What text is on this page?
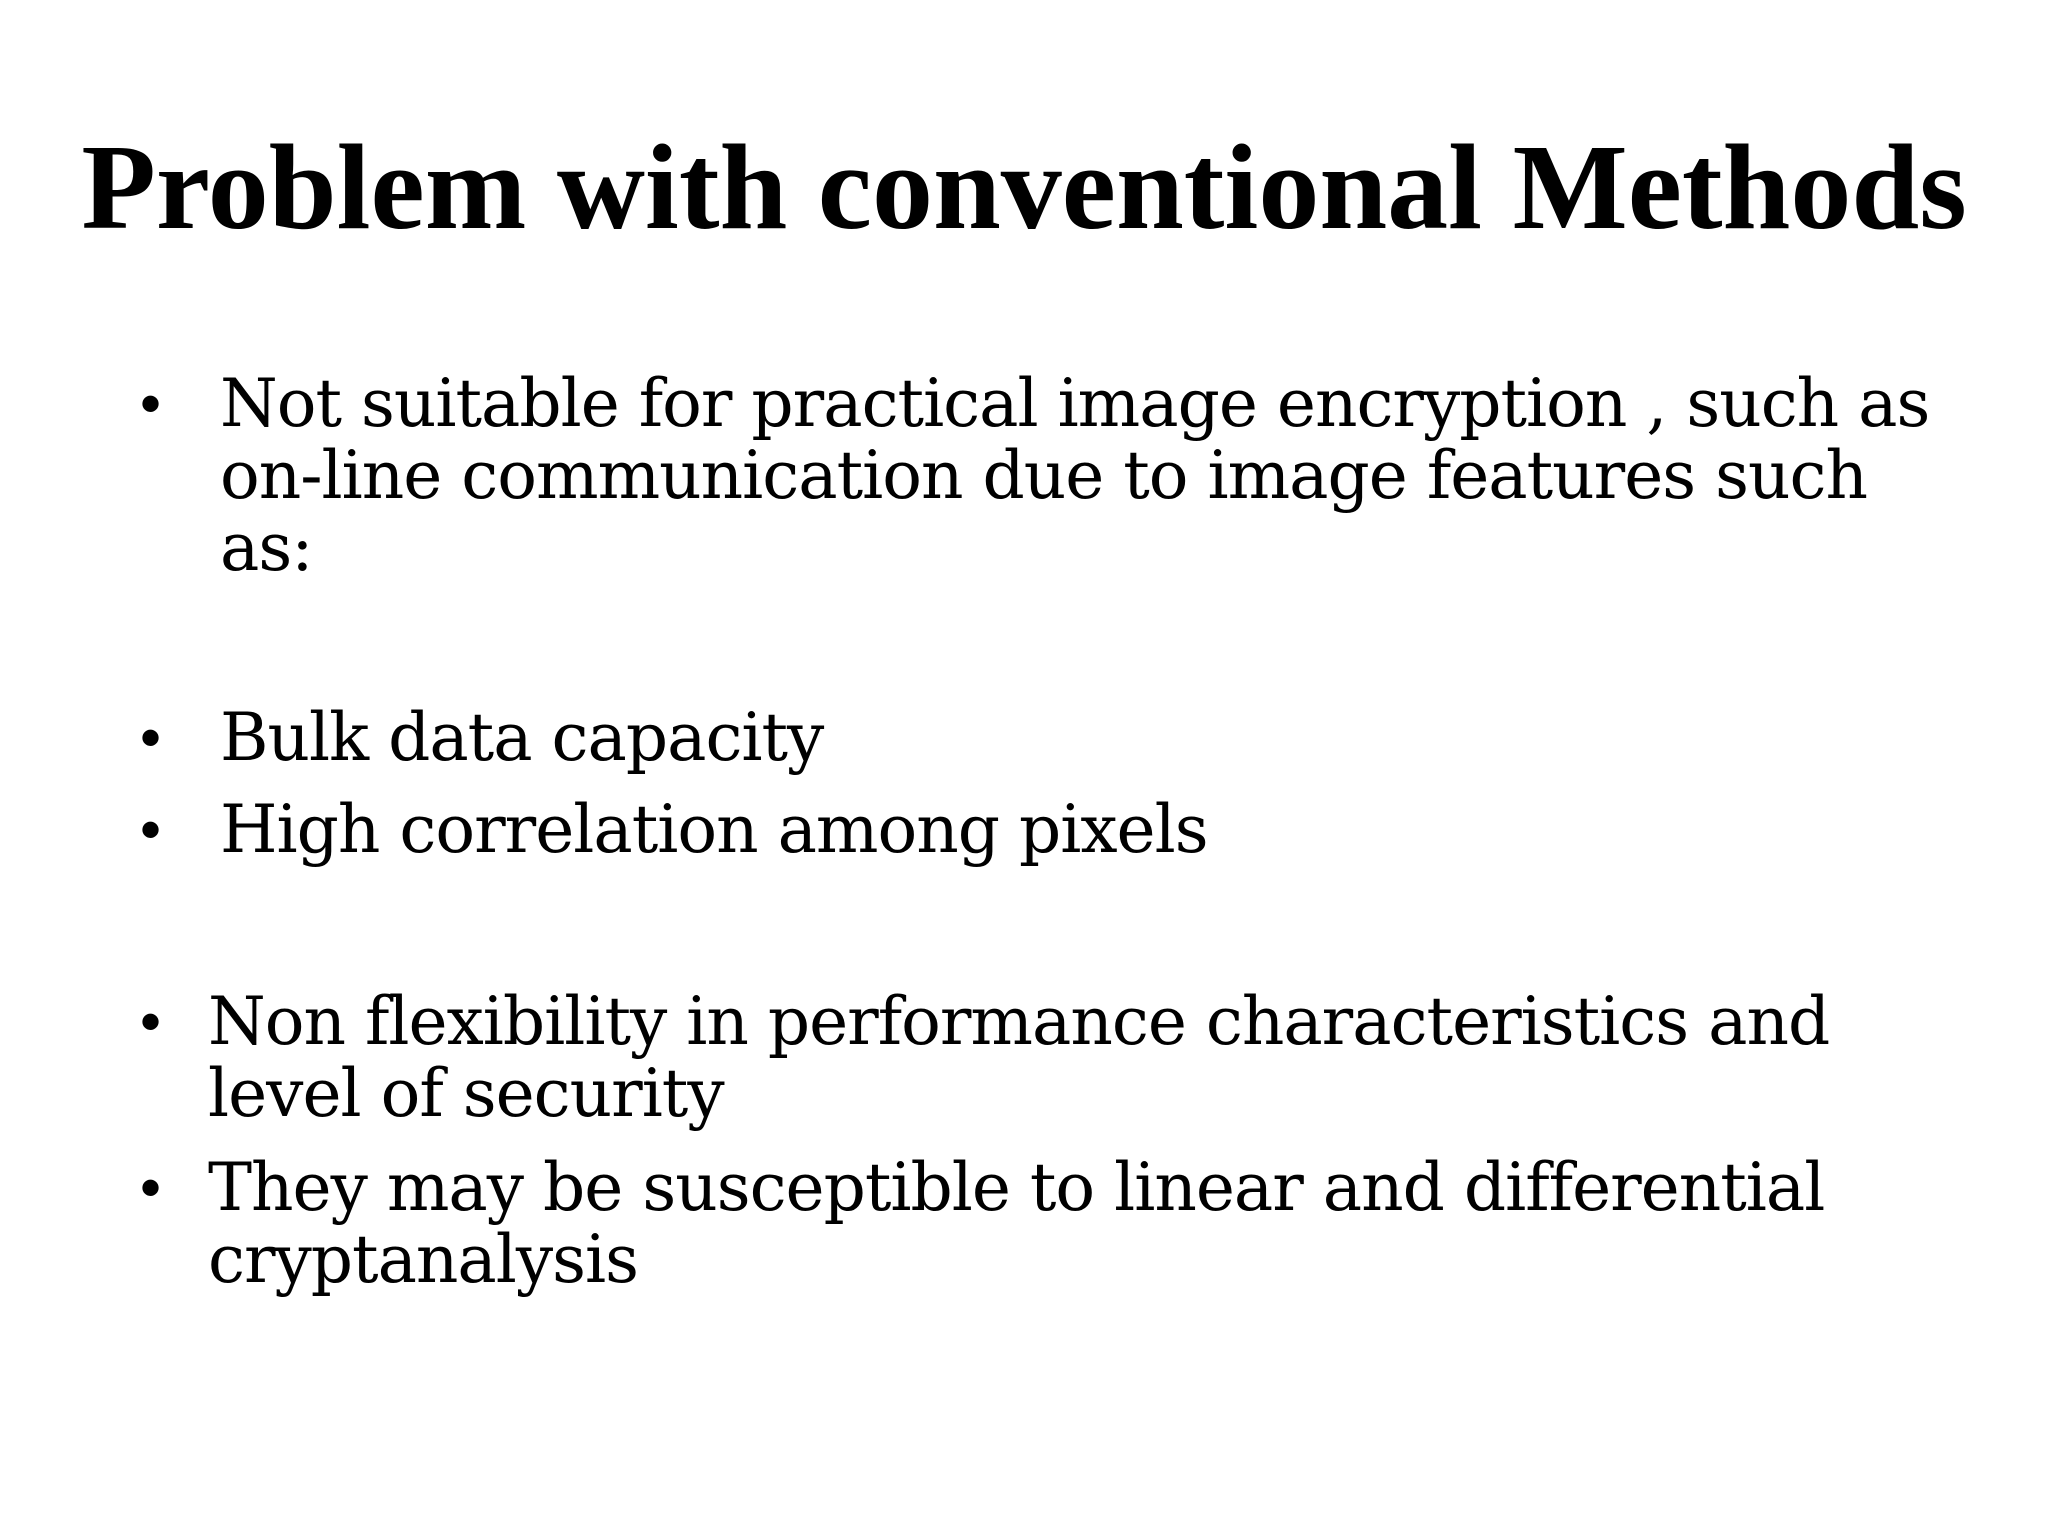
Problem with conventional Methods
• Not suitable for practical image encryption , such as
on-line communication due to image features such
as:
• Bulk data capacity
• High correlation among pixels
• Non flexibility in performance characteristics and
level of security
• They may be susceptible to linear and differential
cryptanalysis
